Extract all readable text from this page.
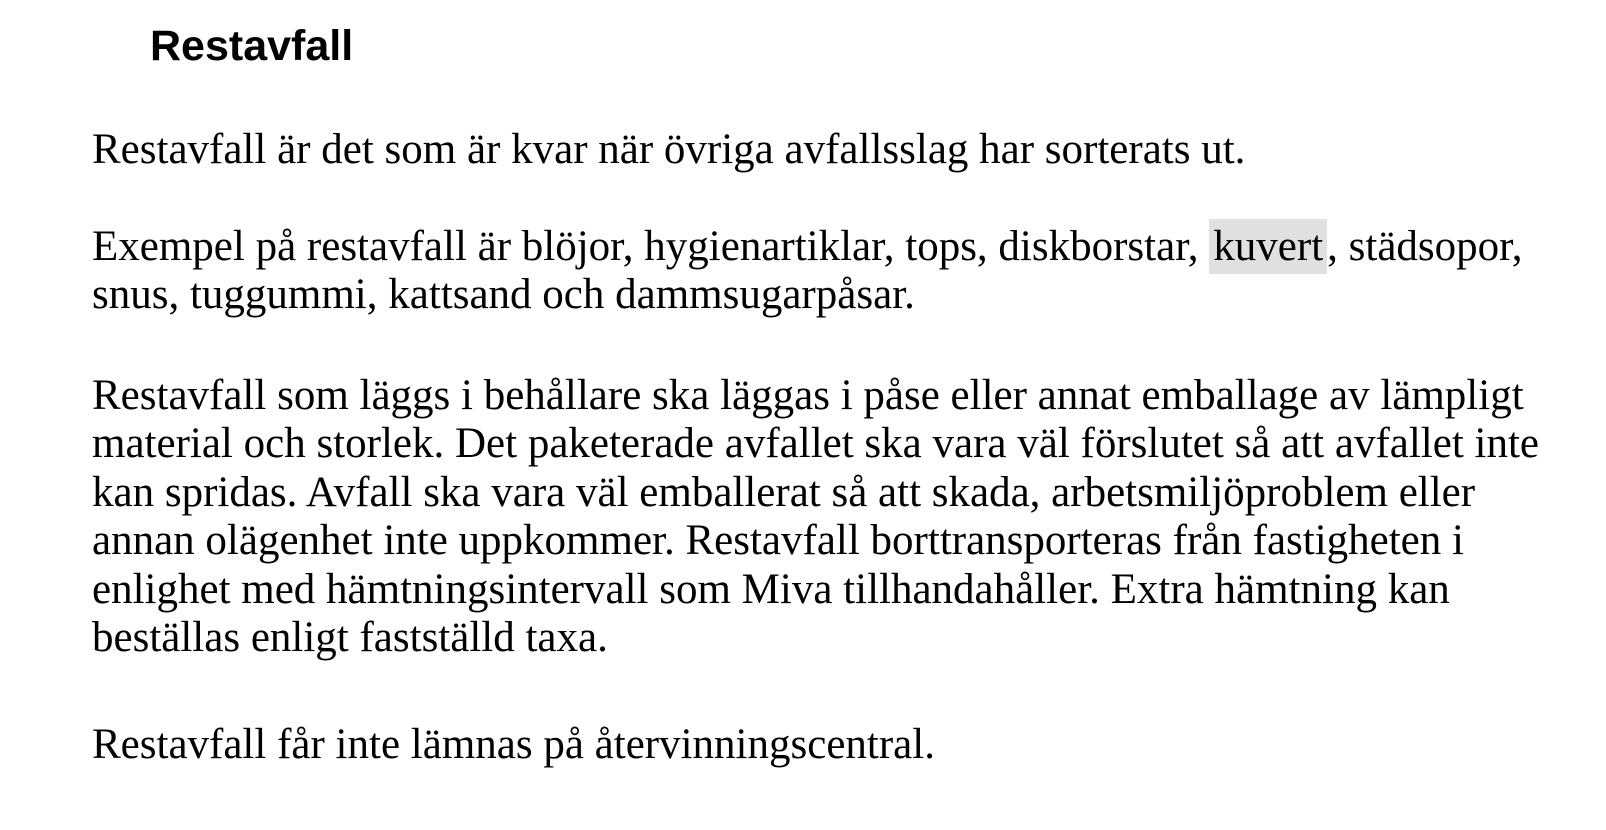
Restavfall

Restavfall är det som är kvar när övriga avfallsslag har sorterats ut.

Exempel på restavfall är blöjor, hygienartiklar, tops, diskborstar, kuvert, städsopor, snus, tuggummi, kattsand och dammsugarpåsar.

Restavfall som läggs i behållare ska läggas i påse eller annat emballage av lämpligt material och storlek. Det paketerade avfallet ska vara väl förslutet så att avfallet inte kan spridas. Avfall ska vara väl emballerat så att skada, arbetsmiljöproblem eller annan olägenhet inte uppkommer. Restavfall borttransporteras från fastigheten i enlighet med hämtningsintervall som Miva tillhandahåller. Extra hämtning kan beställas enligt fastställd taxa.

Restavfall får inte lämnas på återvinningscentral.
